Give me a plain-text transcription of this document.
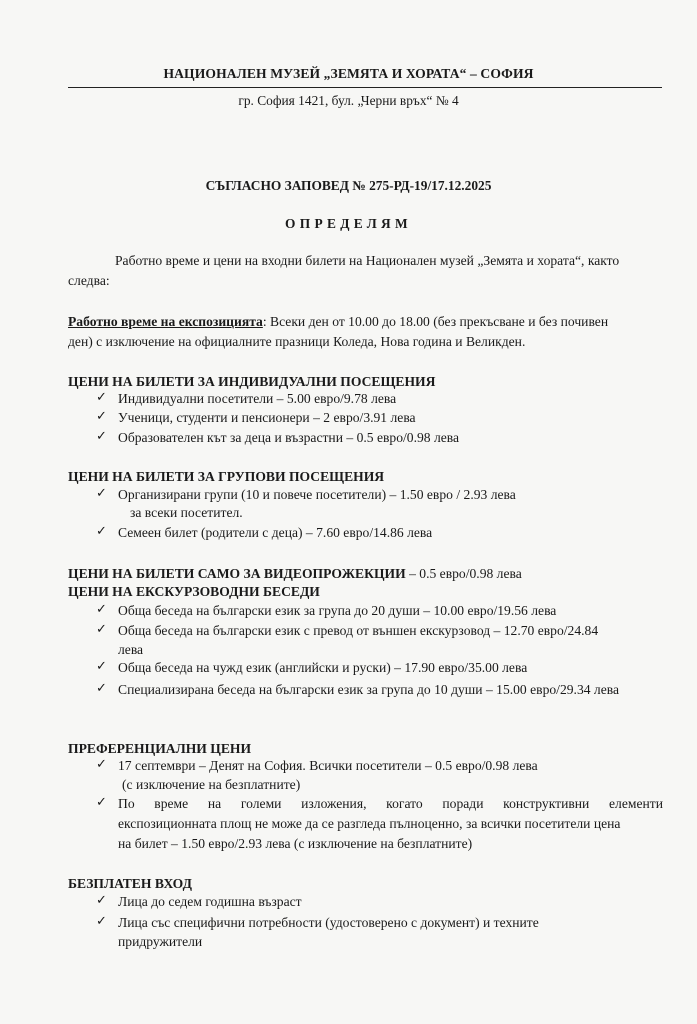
НАЦИОНАЛЕН МУЗЕЙ „ЗЕМЯТА И ХОРАТА“ – СОФИЯ
гр. София 1421, бул. „Черни връх“ № 4
СЪГЛАСНО ЗАПОВЕД № 275-РД-19/17.12.2025
ОПРЕДЕЛЯМ
Работно време и цени на входни билети на Национален музей „Земята и хората“, както
следва:
Работно време на експозицията: Всеки ден от 10.00 до 18.00 (без прекъсване и без почивен
ден) с изключение на официалните празници Коледа, Нова година и Великден.
ЦЕНИ НА БИЛЕТИ ЗА ИНДИВИДУАЛНИ ПОСЕЩЕНИЯ
✓ Индивидуални посетители – 5.00 евро/9.78 лева
✓ Ученици, студенти и пенсионери – 2 евро/3.91 лева
✓ Образователен кът за деца и възрастни – 0.5 евро/0.98 лева
ЦЕНИ НА БИЛЕТИ ЗА ГРУПОВИ ПОСЕЩЕНИЯ
✓ Организирани групи (10 и повече посетители) – 1.50 евро / 2.93 лева
за всеки посетител.
✓ Семеен билет (родители с деца) – 7.60 евро/14.86 лева
ЦЕНИ НА БИЛЕТИ САМО ЗА ВИДЕОПРОЖЕКЦИИ – 0.5 евро/0.98 лева
ЦЕНИ НА ЕКСКУРЗОВОДНИ БЕСЕДИ
✓ Обща беседа на български език за група до 20 души – 10.00 евро/19.56 лева
✓ Обща беседа на български език с превод от външен екскурзовод – 12.70 евро/24.84
лева
✓ Обща беседа на чужд език (английски и руски) – 17.90 евро/35.00 лева
✓ Специализирана беседа на български език за група до 10 души – 15.00 евро/29.34 лева
ПРЕФЕРЕНЦИАЛНИ ЦЕНИ
✓ 17 септември – Денят на София. Всички посетители – 0.5 евро/0.98 лева
(с изключение на безплатните)
✓ По време на големи изложения, когато поради конструктивни елементи
експозиционната площ не може да се разгледа пълноценно, за всички посетители цена
на билет – 1.50 евро/2.93 лева (с изключение на безплатните)
БЕЗПЛАТЕН ВХОД
✓ Лица до седем годишна възраст
✓ Лица със специфични потребности (удостоверено с документ) и техните
придружители
